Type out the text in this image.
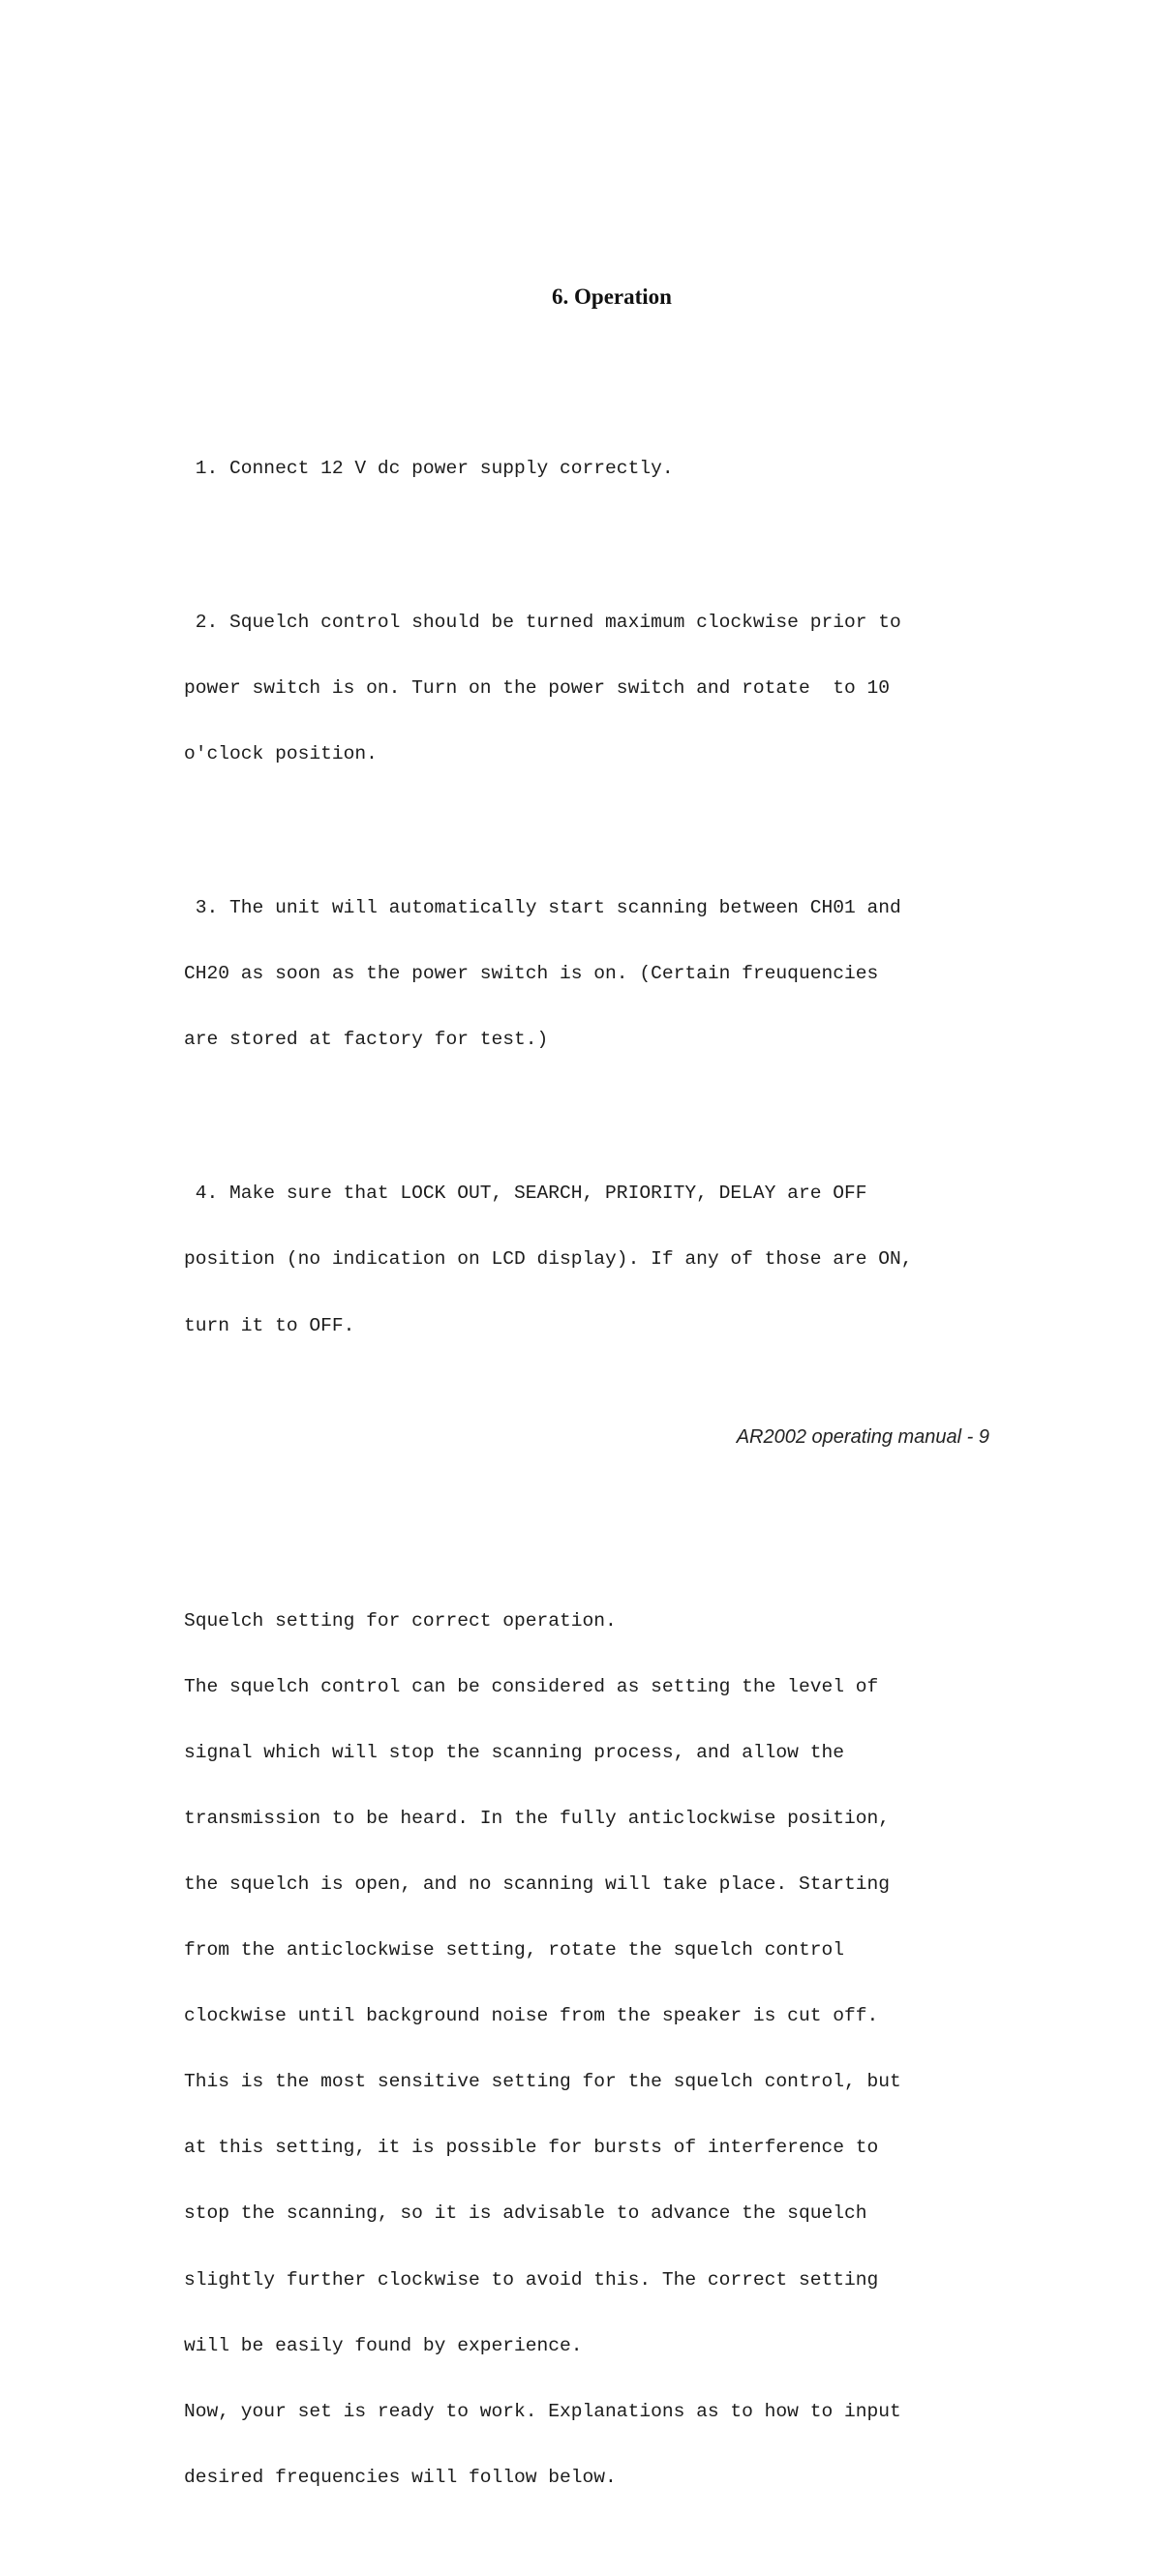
6. Operation

1. Connect 12 V dc power supply correctly.

2. Squelch control should be turned maximum clockwise prior to

power switch is on. Turn on the power switch and rotate  to 10

o'clock position.

3. The unit will automatically start scanning between CH01 and

CH20 as soon as the power switch is on. (Certain freuquencies

are stored at factory for test.)

4. Make sure that LOCK OUT, SEARCH, PRIORITY, DELAY are OFF

position (no indication on LCD display). If any of those are ON,

turn it to OFF.

Squelch setting for correct operation.

The squelch control can be considered as setting the level of

signal which will stop the scanning process, and allow the

transmission to be heard. In the fully anticlockwise position,

the squelch is open, and no scanning will take place. Starting

from the anticlockwise setting, rotate the squelch control

clockwise until background noise from the speaker is cut off.

This is the most sensitive setting for the squelch control, but

at this setting, it is possible for bursts of interference to

stop the scanning, so it is advisable to advance the squelch

slightly further clockwise to avoid this. The correct setting

will be easily found by experience.

Now, your set is ready to work. Explanations as to how to input

desired frequencies will follow below.

AR2002 operating manual - 9
